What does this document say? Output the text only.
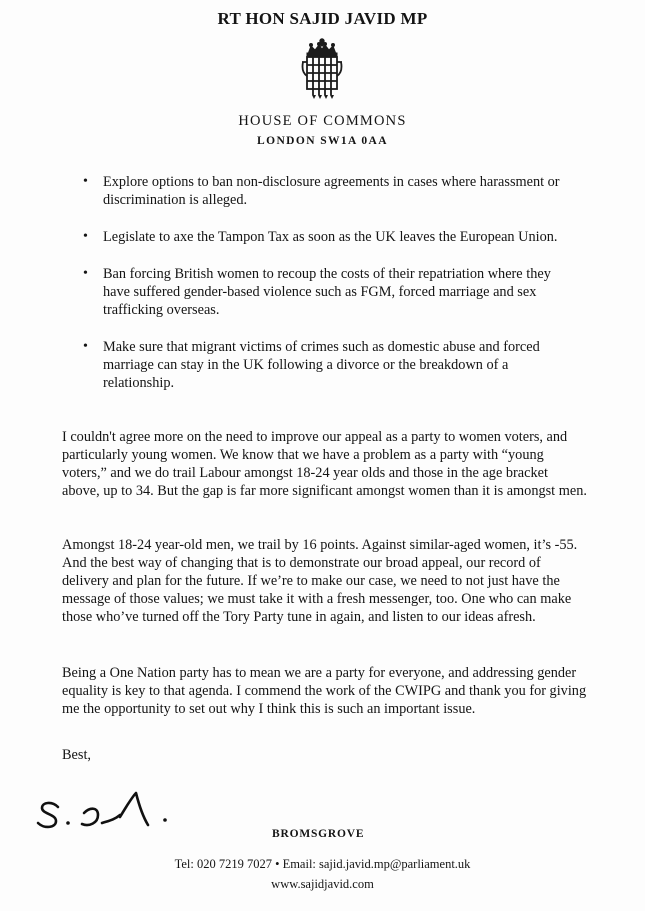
RT HON SAJID JAVID MP
HOUSE OF COMMONS
LONDON SW1A 0AA
• Explore options to ban non-disclosure agreements in cases where harassment or discrimination is alleged.
• Legislate to axe the Tampon Tax as soon as the UK leaves the European Union.
• Ban forcing British women to recoup the costs of their repatriation where they have suffered gender-based violence such as FGM, forced marriage and sex trafficking overseas.
• Make sure that migrant victims of crimes such as domestic abuse and forced marriage can stay in the UK following a divorce or the breakdown of a relationship.

I couldn't agree more on the need to improve our appeal as a party to women voters, and particularly young women. We know that we have a problem as a party with “young voters,” and we do trail Labour amongst 18-24 year olds and those in the age bracket above, up to 34. But the gap is far more significant amongst women than it is amongst men.

Amongst 18-24 year-old men, we trail by 16 points. Against similar-aged women, it’s -55. And the best way of changing that is to demonstrate our broad appeal, our record of delivery and plan for the future. If we’re to make our case, we need to not just have the message of those values; we must take it with a fresh messenger, too. One who can make those who’ve turned off the Tory Party tune in again, and listen to our ideas afresh.

Being a One Nation party has to mean we are a party for everyone, and addressing gender equality is key to that agenda. I commend the work of the CWIPG and thank you for giving me the opportunity to set out why I think this is such an important issue.

Best,

BROMSGROVE
Tel: 020 7219 7027 • Email: sajid.javid.mp@parliament.uk
www.sajidjavid.com
